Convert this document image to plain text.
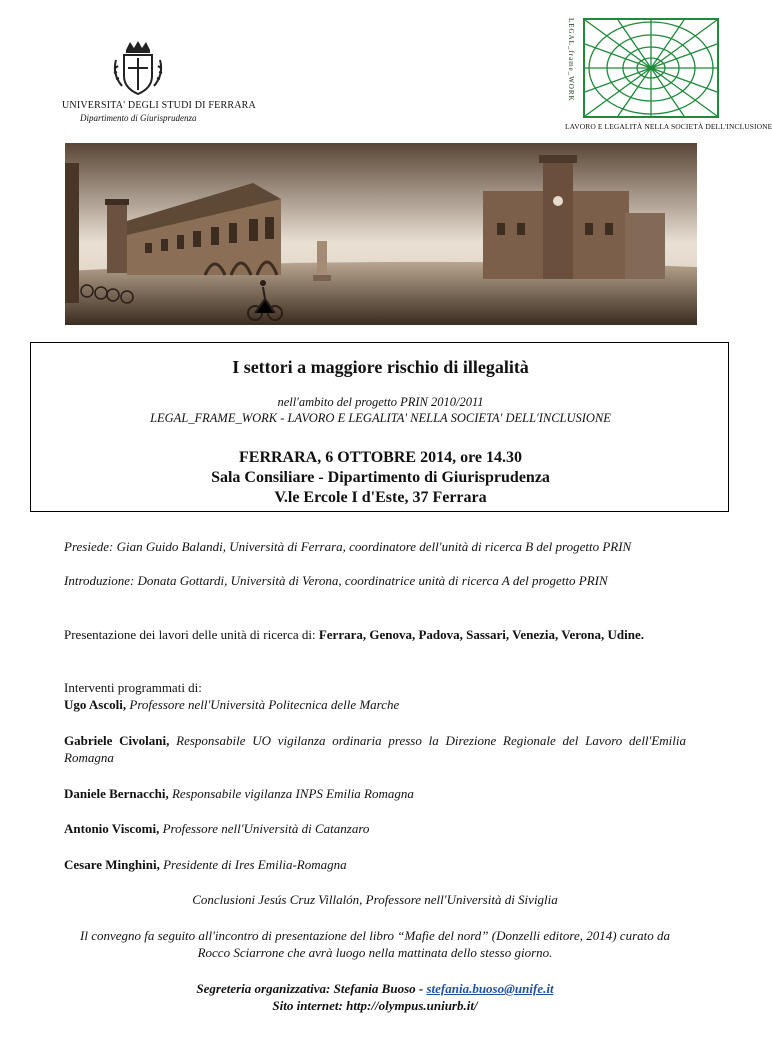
UNIVERSITA' DEGLI STUDI DI FERRARA
Dipartimento di Giurisprudenza
LEGAL_frame_WORK
LAVORO E LEGALITÀ NELLA SOCIETÀ DELL'INCLUSIONE
I settori a maggiore rischio di illegalità
nell'ambito del progetto PRIN 2010/2011
LEGAL_FRAME_WORK - LAVORO E LEGALITA' NELLA SOCIETA' DELL'INCLUSIONE
FERRARA, 6 OTTOBRE 2014, ore 14.30
Sala Consiliare - Dipartimento di Giurisprudenza
V.le Ercole I d'Este, 37 Ferrara
Presiede: Gian Guido Balandi, Università di Ferrara, coordinatore dell'unità di ricerca B del progetto PRIN
Introduzione: Donata Gottardi, Università di Verona, coordinatrice unità di ricerca A del progetto PRIN
Presentazione dei lavori delle unità di ricerca di: Ferrara, Genova, Padova, Sassari, Venezia, Verona, Udine.
Interventi programmati di:
Ugo Ascoli, Professore nell'Università Politecnica delle Marche
Gabriele Civolani, Responsabile UO vigilanza ordinaria presso la Direzione Regionale del Lavoro dell'Emilia Romagna
Daniele Bernacchi, Responsabile vigilanza INPS Emilia Romagna
Antonio Viscomi, Professore nell'Università di Catanzaro
Cesare Minghini, Presidente di Ires Emilia-Romagna
Conclusioni Jesús Cruz Villalón, Professore nell'Università di Siviglia
Il convegno fa seguito all'incontro di presentazione del libro “Mafie del nord” (Donzelli editore, 2014) curato da Rocco Sciarrone che avrà luogo nella mattinata dello stesso giorno.
Segreteria organizzativa: Stefania Buoso - stefania.buoso@unife.it
Sito internet: http://olympus.uniurb.it/
